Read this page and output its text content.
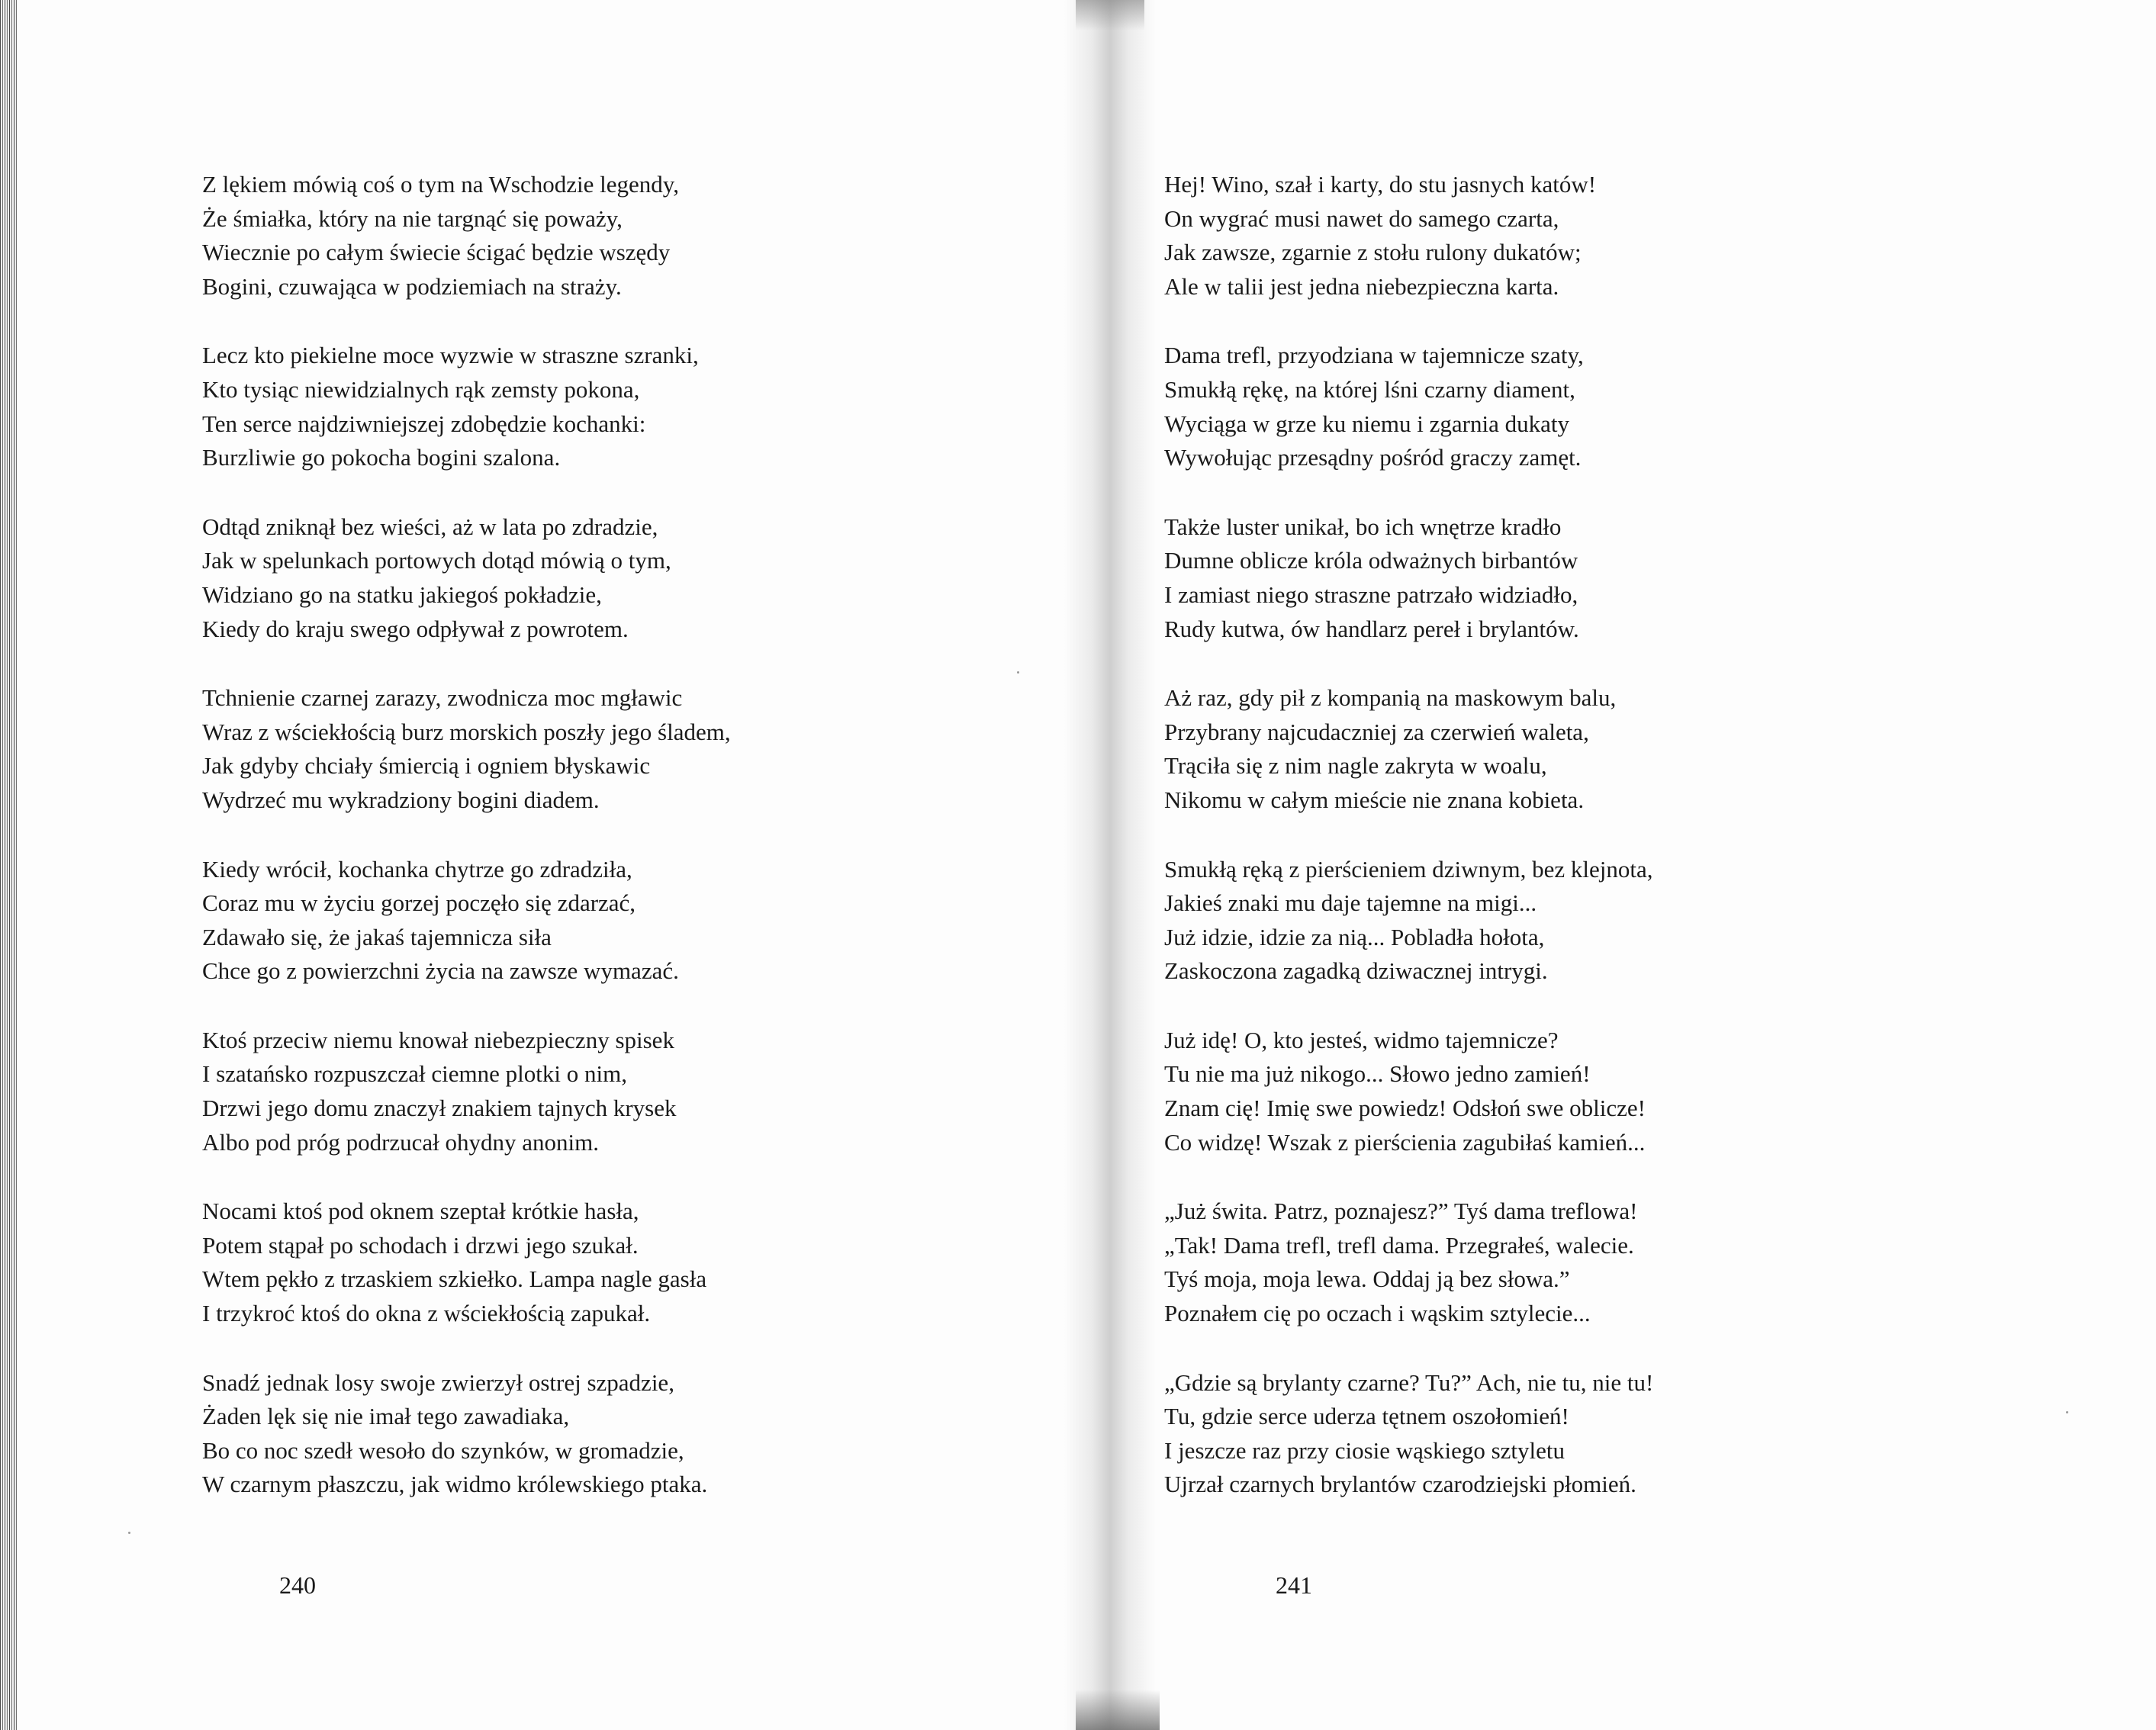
Z lękiem mówią coś o tym na Wschodzie legendy,
Że śmiałka, który na nie targnąć się poważy,
Wiecznie po całym świecie ścigać będzie wszędy
Bogini, czuwająca w podziemiach na straży.
Lecz kto piekielne moce wyzwie w straszne szranki,
Kto tysiąc niewidzialnych rąk zemsty pokona,
Ten serce najdziwniejszej zdobędzie kochanki:
Burzliwie go pokocha bogini szalona.
Odtąd zniknął bez wieści, aż w lata po zdradzie,
Jak w spelunkach portowych dotąd mówią o tym,
Widziano go na statku jakiegoś pokładzie,
Kiedy do kraju swego odpływał z powrotem.
Tchnienie czarnej zarazy, zwodnicza moc mgławic
Wraz z wściekłością burz morskich poszły jego śladem,
Jak gdyby chciały śmiercią i ogniem błyskawic
Wydrzeć mu wykradziony bogini diadem.
Kiedy wrócił, kochanka chytrze go zdradziła,
Coraz mu w życiu gorzej poczęło się zdarzać,
Zdawało się, że jakaś tajemnicza siła
Chce go z powierzchni życia na zawsze wymazać.
Ktoś przeciw niemu knował niebezpieczny spisek
I szatańsko rozpuszczał ciemne plotki o nim,
Drzwi jego domu znaczył znakiem tajnych krysek
Albo pod próg podrzucał ohydny anonim.
Nocami ktoś pod oknem szeptał krótkie hasła,
Potem stąpał po schodach i drzwi jego szukał.
Wtem pękło z trzaskiem szkiełko. Lampa nagle gasła
I trzykroć ktoś do okna z wściekłością zapukał.
Snadź jednak losy swoje zwierzył ostrej szpadzie,
Żaden lęk się nie imał tego zawadiaka,
Bo co noc szedł wesoło do szynków, w gromadzie,
W czarnym płaszczu, jak widmo królewskiego ptaka.
240
Hej! Wino, szał i karty, do stu jasnych katów!
On wygrać musi nawet do samego czarta,
Jak zawsze, zgarnie z stołu rulony dukatów;
Ale w talii jest jedna niebezpieczna karta.
Dama trefl, przyodziana w tajemnicze szaty,
Smukłą rękę, na której lśni czarny diament,
Wyciąga w grze ku niemu i zgarnia dukaty
Wywołując przesądny pośród graczy zamęt.
Także luster unikał, bo ich wnętrze kradło
Dumne oblicze króla odważnych birbantów
I zamiast niego straszne patrzało widziadło,
Rudy kutwa, ów handlarz pereł i brylantów.
Aż raz, gdy pił z kompanią na maskowym balu,
Przybrany najcudaczniej za czerwień waleta,
Trąciła się z nim nagle zakryta w woalu,
Nikomu w całym mieście nie znana kobieta.
Smukłą ręką z pierścieniem dziwnym, bez klejnota,
Jakieś znaki mu daje tajemne na migi...
Już idzie, idzie za nią... Pobladła hołota,
Zaskoczona zagadką dziwacznej intrygi.
Już idę! O, kto jesteś, widmo tajemnicze?
Tu nie ma już nikogo... Słowo jedno zamień!
Znam cię! Imię swe powiedz! Odsłoń swe oblicze!
Co widzę! Wszak z pierścienia zagubiłaś kamień...
„Już świta. Patrz, poznajesz?” Tyś dama treflowa!
„Tak! Dama trefl, trefl dama. Przegrałeś, walecie.
Tyś moja, moja lewa. Oddaj ją bez słowa.”
Poznałem cię po oczach i wąskim sztylecie...
„Gdzie są brylanty czarne? Tu?” Ach, nie tu, nie tu!
Tu, gdzie serce uderza tętnem oszołomień!
I jeszcze raz przy ciosie wąskiego sztyletu
Ujrzał czarnych brylantów czarodziejski płomień.
241
